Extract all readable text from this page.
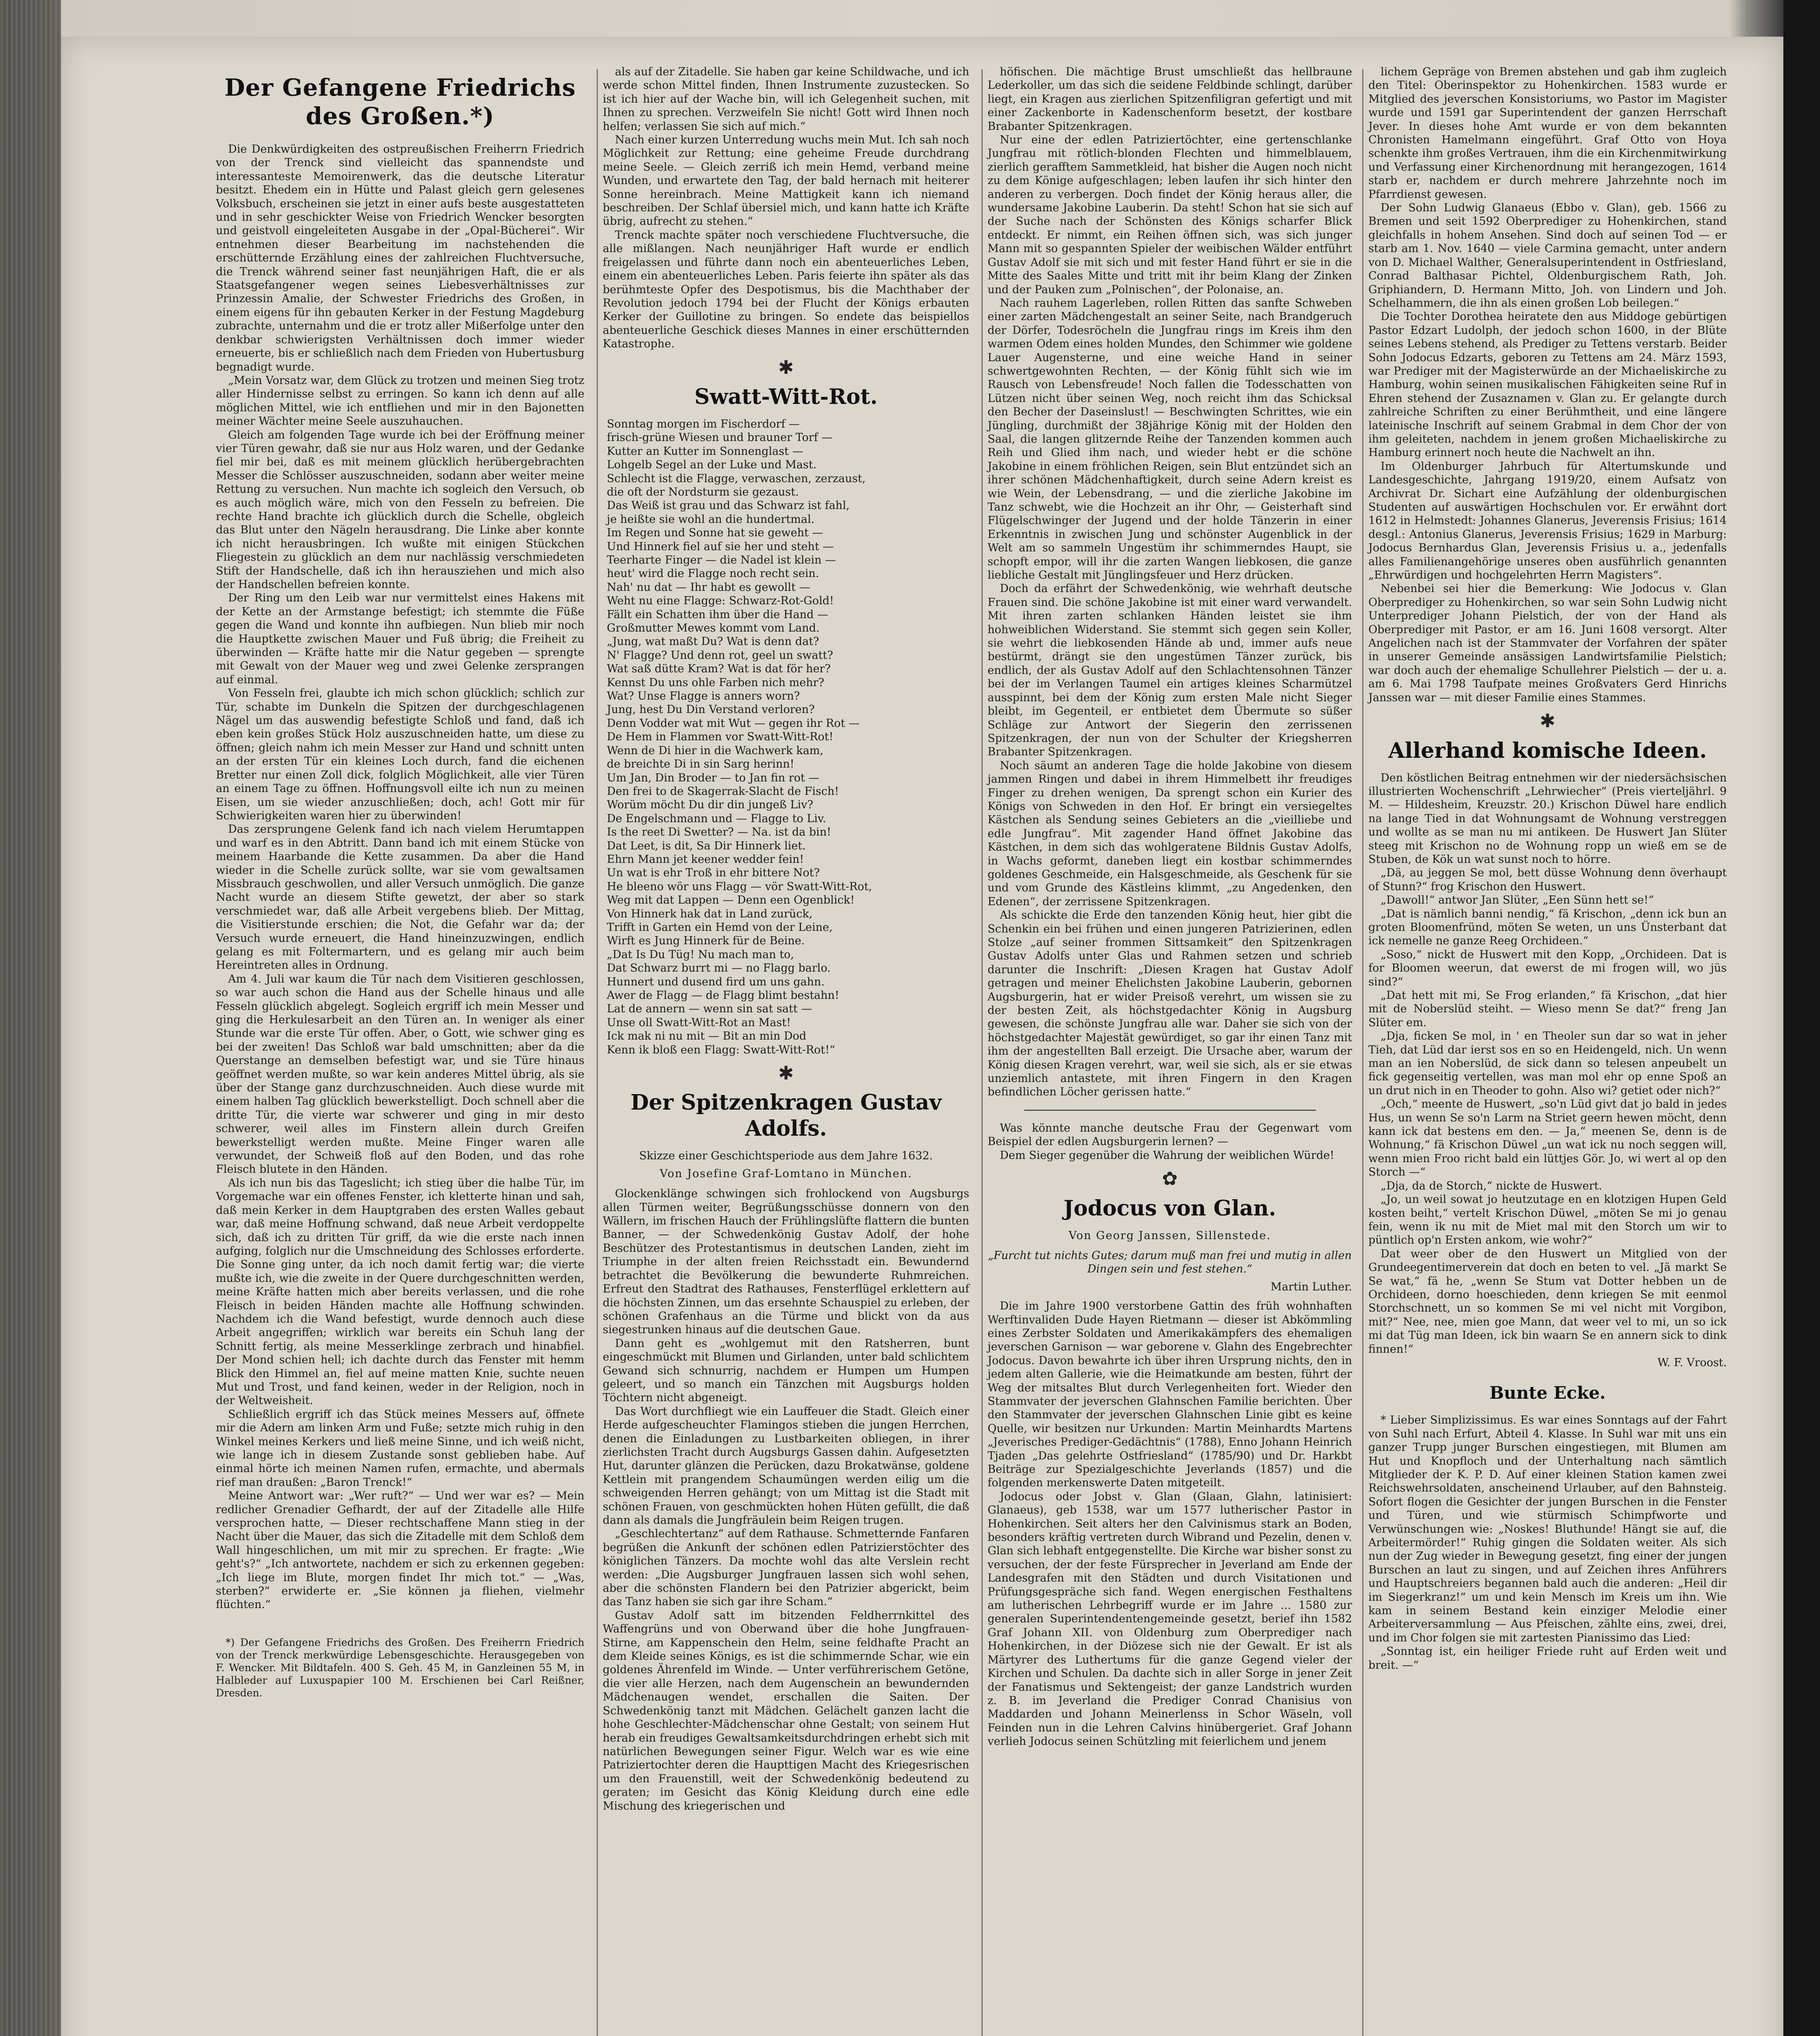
Der Gefangene Friedrichs des Großen.*)

Die Denkwürdigkeiten des ostpreußischen Freiherrn Friedrich von der Trenck sind vielleicht das spannendste und interessanteste Memoirenwerk, das die deutsche Literatur besitzt. Ehedem ein in Hütte und Palast gleich gern gelesenes Volksbuch, erscheinen sie jetzt in einer aufs beste ausgestatteten und in sehr geschickter Weise von Friedrich Wencker besorgten und geistvoll eingeleiteten Ausgabe in der „Opal-Bücherei“. Wir entnehmen dieser Bearbeitung im nachstehenden die erschütternde Erzählung eines der zahlreichen Fluchtversuche, die Trenck während seiner fast neunjährigen Haft, die er als Staatsgefangener wegen seines Liebesverhältnisses zur Prinzessin Amalie, der Schwester Friedrichs des Großen, in einem eigens für ihn gebauten Kerker in der Festung Magdeburg zubrachte, unternahm und die er trotz aller Mißerfolge unter den denkbar schwierigsten Verhältnissen doch immer wieder erneuerte, bis er schließlich nach dem Frieden von Hubertusburg begnadigt wurde.

„Mein Vorsatz war, dem Glück zu trotzen und meinen Sieg trotz aller Hindernisse selbst zu erringen. So kann ich denn auf alle möglichen Mittel, wie ich entfliehen und mir in den Bajonetten meiner Wächter meine Seele auszuhauchen.

Gleich am folgenden Tage wurde ich bei der Eröffnung meiner vier Türen gewahr, daß sie nur aus Holz waren, und der Gedanke fiel mir bei, daß es mit meinem glücklich herübergebrachten Messer die Schlösser auszuschneiden, sodann aber weiter meine Rettung zu versuchen. Nun machte ich sogleich den Versuch, ob es auch möglich wäre, mich von den Fesseln zu befreien. Die rechte Hand brachte ich glücklich durch die Schelle, obgleich das Blut unter den Nägeln herausdrang. Die Linke aber konnte ich nicht herausbringen. Ich wußte mit einigen Stückchen Fliegestein zu glücklich an dem nur nachlässig verschmiedeten Stift der Handschelle, daß ich ihn herausziehen und mich also der Handschellen befreien konnte.

Der Ring um den Leib war nur vermittelst eines Hakens mit der Kette an der Armstange befestigt; ich stemmte die Füße gegen die Wand und konnte ihn aufbiegen. Nun blieb mir noch die Hauptkette zwischen Mauer und Fuß übrig; die Freiheit zu überwinden — Kräfte hatte mir die Natur gegeben — sprengte mit Gewalt von der Mauer weg und zwei Gelenke zersprangen auf einmal.

Von Fesseln frei, glaubte ich mich schon glücklich; schlich zur Tür, schabte im Dunkeln die Spitzen der durchgeschlagenen Nägel um das auswendig befestigte Schloß und fand, daß ich eben kein großes Stück Holz auszuschneiden hatte, um diese zu öffnen; gleich nahm ich mein Messer zur Hand und schnitt unten an der ersten Tür ein kleines Loch durch, fand die eichenen Bretter nur einen Zoll dick, folglich Möglichkeit, alle vier Türen an einem Tage zu öffnen. Hoffnungsvoll eilte ich nun zu meinen Eisen, um sie wieder anzuschließen; doch, ach! Gott mir für Schwierigkeiten waren hier zu überwinden!

Das zersprungene Gelenk fand ich nach vielem Herumtappen und warf es in den Abtritt. Dann band ich mit einem Stücke von meinem Haarbande die Kette zusammen. Da aber die Hand wieder in die Schelle zurück sollte, war sie vom gewaltsamen Missbrauch geschwollen, und aller Versuch unmöglich. Die ganze Nacht wurde an diesem Stifte gewetzt, der aber so stark verschmiedet war, daß alle Arbeit vergebens blieb. Der Mittag, die Visitierstunde erschien; die Not, die Gefahr war da; der Versuch wurde erneuert, die Hand hineinzuzwingen, endlich gelang es mit Foltermartern, und es gelang mir auch beim Hereintreten alles in Ordnung.

Am 4. Juli war kaum die Tür nach dem Visitieren geschlossen, so war auch schon die Hand aus der Schelle hinaus und alle Fesseln glücklich abgelegt. Sogleich ergriff ich mein Messer und ging die Herkulesarbeit an den Türen an. In weniger als einer Stunde war die erste Tür offen. Aber, o Gott, wie schwer ging es bei der zweiten! Das Schloß war bald umschnitten; aber da die Querstange an demselben befestigt war, und sie Türe hinaus geöffnet werden mußte, so war kein anderes Mittel übrig, als sie über der Stange ganz durchzuschneiden. Auch diese wurde mit einem halben Tag glücklich bewerkstelligt. Doch schnell aber die dritte Tür, die vierte war schwerer und ging in mir desto schwerer, weil alles im Finstern allein durch Greifen bewerkstelligt werden mußte. Meine Finger waren alle verwundet, der Schweiß floß auf den Boden, und das rohe Fleisch blutete in den Händen.

Als ich nun bis das Tageslicht; ich stieg über die halbe Tür, im Vorgemache war ein offenes Fenster, ich kletterte hinan und sah, daß mein Kerker in dem Hauptgraben des ersten Walles gebaut war, daß meine Hoffnung schwand, daß neue Arbeit verdoppelte sich, daß ich zu dritten Tür griff, da wie die erste nach innen aufging, folglich nur die Umschneidung des Schlosses erforderte. Die Sonne ging unter, da ich noch damit fertig war; die vierte mußte ich, wie die zweite in der Quere durchgeschnitten werden, meine Kräfte hatten mich aber bereits verlassen, und die rohe Fleisch in beiden Händen machte alle Hoffnung schwinden. Nachdem ich die Wand befestigt, wurde dennoch auch diese Arbeit angegriffen; wirklich war bereits ein Schuh lang der Schnitt fertig, als meine Messerklinge zerbrach und hinabfiel. Der Mond schien hell; ich dachte durch das Fenster mit hemm Blick den Himmel an, fiel auf meine matten Knie, suchte neuen Mut und Trost, und fand keinen, weder in der Religion, noch in der Weltweisheit.

Schließlich ergriff ich das Stück meines Messers auf, öffnete mir die Adern am linken Arm und Fuße; setzte mich ruhig in den Winkel meines Kerkers und ließ meine Sinne, und ich weiß nicht, wie lange ich in diesem Zustande sonst geblieben habe. Auf einmal hörte ich meinen Namen rufen, ermachte, und abermals rief man draußen: „Baron Trenck!“

Meine Antwort war: „Wer ruft?“ — Und wer war es? — Mein redlicher Grenadier Gefhardt, der auf der Zitadelle alle Hilfe versprochen hatte, — Dieser rechtschaffene Mann stieg in der Nacht über die Mauer, das sich die Zitadelle mit dem Schloß dem Wall hingeschlichen, um mit mir zu sprechen. Er fragte: „Wie geht's?“ „Ich antwortete, nachdem er sich zu erkennen gegeben: „Ich liege im Blute, morgen findet Ihr mich tot.“ — „Was, sterben?“ erwiderte er. „Sie können ja fliehen, vielmehr flüchten.“

*) Der Gefangene Friedrichs des Großen. Des Freiherrn Friedrich von der Trenck merkwürdige Lebensgeschichte. Herausgegeben von F. Wencker. Mit Bildtafeln. 400 S. Geh. 45 M, in Ganzleinen 55 M, in Halbleder auf Luxuspapier 100 M. Erschienen bei Carl Reißner, Dresden.

als auf der Zitadelle. Sie haben gar keine Schildwache, und ich werde schon Mittel finden, Ihnen Instrumente zuzustecken. So ist ich hier auf der Wache bin, will ich Gelegenheit suchen, mit Ihnen zu sprechen. Verzweifeln Sie nicht! Gott wird Ihnen noch helfen; verlassen Sie sich auf mich.“

Nach einer kurzen Unterredung wuchs mein Mut. Ich sah noch Möglichkeit zur Rettung; eine geheime Freude durchdrang meine Seele. — Gleich zerriß ich mein Hemd, verband meine Wunden, und erwartete den Tag, der bald hernach mit heiterer Sonne hereinbrach. Meine Mattigkeit kann ich niemand beschreiben. Der Schlaf übersiel mich, und kann hatte ich Kräfte übrig, aufrecht zu stehen.“

Trenck machte später noch verschiedene Fluchtversuche, die alle mißlangen. Nach neunjähriger Haft wurde er endlich freigelassen und führte dann noch ein abenteuerliches Leben, einem ein abenteuerliches Leben. Paris feierte ihn später als das berühmteste Opfer des Despotismus, bis die Machthaber der Revolution jedoch 1794 bei der Flucht der Königs erbauten Kerker der Guillotine zu bringen. So endete das beispiellos abenteuerliche Geschick dieses Mannes in einer erschütternden Katastrophe.

✱
Swatt-Witt-Rot.
Sonntag morgen im Fischerdorf —
frisch-grüne Wiesen und brauner Torf —
Kutter an Kutter im Sonnenglast —
Lohgelb Segel an der Luke und Mast.
Schlecht ist die Flagge, verwaschen, zerzaust,
die oft der Nordsturm sie gezaust.
Das Weiß ist grau und das Schwarz ist fahl,
je heißte sie wohl an die hundertmal.
Im Regen und Sonne hat sie geweht —
Und Hinnerk fiel auf sie her und steht —
Teerharte Finger — die Nadel ist klein —
heut' wird die Flagge noch recht sein.
Nah' nu dat — Ihr habt es gewollt —
Weht nu eine Flagge: Schwarz-Rot-Gold!
Fällt ein Schatten ihm über die Hand —
Großmutter Mewes kommt vom Land.
„Jung, wat maßt Du? Wat is denn dat?
N' Flagge? Und denn rot, geel un swatt?
Wat saß dütte Kram? Wat is dat för her?
Kennst Du uns ohle Farben nich mehr?
Wat? Unse Flagge is anners worn?
Jung, hest Du Din Verstand verloren?
Denn Vodder wat mit Wut — gegen ihr Rot —
De Hem in Flammen vor Swatt-Witt-Rot!
Wenn de Di hier in die Wachwerk kam,
de breichte Di in sin Sarg herinn!
Um Jan, Din Broder — to Jan fin rot —
Den frei to de Skagerrak-Slacht de Fisch!
Worüm möcht Du dir din jungeß Liv?
De Engelschmann und — Flagge to Liv.
Is the reet Di Swetter? — Na. ist da bin!
Dat Leet, is dit, Sa Dir Hinnerk liet.
Ehrn Mann jet keener wedder fein!
Un wat is ehr Troß in ehr bittere Not?
He bleeno wör uns Flagg — vör Swatt-Witt-Rot,
Weg mit dat Lappen — Denn een Ogenblick!
Von Hinnerk hak dat in Land zurück,
Trifft in Garten ein Hemd von der Leine,
Wirft es Jung Hinnerk für de Beine.
„Dat Is Du Tüg! Nu mach man to,
Dat Schwarz burrt mi — no Flagg barlo.
Hunnert und dusend fird um uns gahn.
Awer de Flagg — de Flagg blimt bestahn!
Lat de annern — wenn sin sat satt —
Unse oll Swatt-Witt-Rot an Mast!
Ick mak ni nu mit — Bit an min Dod
Kenn ik bloß een Flagg: Swatt-Witt-Rot!“
✱
Der Spitzenkragen Gustav Adolfs.
Skizze einer Geschichtsperiode aus dem Jahre 1632.
Von Josefine Graf-Lomtano in München.

Glockenklänge schwingen sich frohlockend von Augsburgs allen Türmen weiter, Begrüßungsschüsse donnern von den Wällern, im frischen Hauch der Frühlingslüfte flattern die bunten Banner, — der Schwedenkönig Gustav Adolf, der hohe Beschützer des Protestantismus in deutschen Landen, zieht im Triumphe in der alten freien Reichsstadt ein. Bewundernd betrachtet die Bevölkerung die bewunderte Ruhmreichen. Erfreut den Stadtrat des Rathauses, Fensterflügel erklettern auf die höchsten Zinnen, um das ersehnte Schauspiel zu erleben, der schönen Grafenhaus an die Türme und blickt von da aus siegestrunken hinaus auf die deutschen Gaue.

Dann geht es „wohlgemut mit den Ratsherren, bunt eingeschmückt mit Blumen und Girlanden, unter bald schlichtem Gewand sich schnurrig, nachdem er Humpen um Humpen geleert, und so manch ein Tänzchen mit Augsburgs holden Töchtern nicht abgeneigt.

Das Wort durchfliegt wie ein Lauffeuer die Stadt. Gleich einer Herde aufgescheuchter Flamingos stieben die jungen Herrchen, denen die Einladungen zu Lustbarkeiten obliegen, in ihrer zierlichsten Tracht durch Augsburgs Gassen dahin. Aufgesetzten Hut, darunter glänzen die Perücken, dazu Brokatwänse, goldene Kettlein mit prangendem Schaumüngen werden eilig um die schweigenden Herren gehängt; von um Mittag ist die Stadt mit schönen Frauen, von geschmückten hohen Hüten gefüllt, die daß dann als damals die Jungfräulein beim Reigen trugen.

„Geschlechtertanz“ auf dem Rathause. Schmetternde Fanfaren begrüßen die Ankunft der schönen edlen Patrizierstöchter des königlichen Tänzers. Da mochte wohl das alte Verslein recht werden: „Die Augsburger Jungfrauen lassen sich wohl sehen, aber die schönsten Flandern bei den Patrizier abgerickt, beim das Tanz haben sie sich gar ihre Scham.“

Gustav Adolf satt im bitzenden Feldherrnkittel des Waffengrüns und von Oberwand über die hohe Jungfrauen-Stirne, am Kappenschein den Helm, seine feldhafte Pracht an dem Kleide seines Königs, es ist die schimmernde Schar, wie ein goldenes Ährenfeld im Winde. — Unter verführerischem Getöne, die vier alle Herzen, nach dem Augenschein an bewundernden Mädchenaugen wendet, erschallen die Saiten. Der Schwedenkönig tanzt mit Mädchen. Gelächelt ganzen lacht die hohe Geschlechter-Mädchenschar ohne Gestalt; von seinem Hut herab ein freudiges Gewaltsamkeitsdurchdringen erhebt sich mit natürlichen Bewegungen seiner Figur. Welch war es wie eine Patriziertochter deren die Haupttigen Macht des Kriegesrischen um den Frauenstill, weit der Schwedenkönig bedeutend zu geraten; im Gesicht das König Kleidung durch eine edle Mischung des kriegerischen und

höfischen. Die mächtige Brust umschließt das hellbraune Lederkoller, um das sich die seidene Feldbinde schlingt, darüber liegt, ein Kragen aus zierlichen Spitzenfiligran gefertigt und mit einer Zackenborte in Kadenschenform besetzt, der kostbare Brabanter Spitzenkragen.

Nur eine der edlen Patriziertöchter, eine gertenschlanke Jungfrau mit rötlich-blonden Flechten und himmelblauem, zierlich gerafftem Sammetkleid, hat bisher die Augen noch nicht zu dem Könige aufgeschlagen; leben laufen ihr sich hinter den anderen zu verbergen. Doch findet der König heraus aller, die wundersame Jakobine Lauberin. Da steht! Schon hat sie sich auf der Suche nach der Schönsten des Königs scharfer Blick entdeckt. Er nimmt, ein Reihen öffnen sich, was sich junger Mann mit so gespannten Spieler der weibischen Wälder entführt Gustav Adolf sie mit sich und mit fester Hand führt er sie in die Mitte des Saales Mitte und tritt mit ihr beim Klang der Zinken und der Pauken zum „Polnischen“, der Polonaise, an.

Nach rauhem Lagerleben, rollen Ritten das sanfte Schweben einer zarten Mädchengestalt an seiner Seite, nach Brandgeruch der Dörfer, Todesröcheln die Jungfrau rings im Kreis ihm den warmen Odem eines holden Mundes, den Schimmer wie goldene Lauer Augensterne, und eine weiche Hand in seiner schwertgewohnten Rechten, — der König fühlt sich wie im Rausch von Lebensfreude! Noch fallen die Todesschatten von Lützen nicht über seinen Weg, noch reicht ihm das Schicksal den Becher der Daseinslust! — Beschwingten Schrittes, wie ein Jüngling, durchmißt der 38jährige König mit der Holden den Saal, die langen glitzernde Reihe der Tanzenden kommen auch Reih und Glied ihm nach, und wieder hebt er die schöne Jakobine in einem fröhlichen Reigen, sein Blut entzündet sich an ihrer schönen Mädchenhaftigkeit, durch seine Adern kreist es wie Wein, der Lebensdrang, — und die zierliche Jakobine im Tanz schwebt, wie die Hochzeit an ihr Ohr, — Geisterhaft sind Flügelschwinger der Jugend und der holde Tänzerin in einer Erkenntnis in zwischen Jung und schönster Augenblick in der Welt am so sammeln Ungestüm ihr schimmerndes Haupt, sie schopft empor, will ihr die zarten Wangen liebkosen, die ganze liebliche Gestalt mit Jünglingsfeuer und Herz drücken.

Doch da erfährt der Schwedenkönig, wie wehrhaft deutsche Frauen sind. Die schöne Jakobine ist mit einer ward verwandelt. Mit ihren zarten schlanken Händen leistet sie ihm hohweiblichen Widerstand. Sie stemmt sich gegen sein Koller, sie wehrt die liebkosenden Hände ab und, immer aufs neue bestürmt, drängt sie den ungestümen Tänzer zurück, bis endlich, der als Gustav Adolf auf den Schlachtensohnen Tänzer bei der im Verlangen Taumel ein artiges kleines Scharmützel ausspinnt, bei dem der König zum ersten Male nicht Sieger bleibt, im Gegenteil, er entbietet dem Übermute so süßer Schläge zur Antwort der Siegerin den zerrissenen Spitzenkragen, der nun von der Schulter der Kriegsherren Brabanter Spitzenkragen.

Noch säumt an anderen Tage die holde Jakobine von diesem jammen Ringen und dabei in ihrem Himmelbett ihr freudiges Finger zu drehen wenigen, Da sprengt schon ein Kurier des Königs von Schweden in den Hof. Er bringt ein versiegeltes Kästchen als Sendung seines Gebieters an die „vieilliebe und edle Jungfrau“. Mit zagender Hand öffnet Jakobine das Kästchen, in dem sich das wohlgeratene Bildnis Gustav Adolfs, in Wachs geformt, daneben liegt ein kostbar schimmerndes goldenes Geschmeide, ein Halsgeschmeide, als Geschenk für sie und vom Grunde des Kästleins klimmt, „zu Angedenken, den Edenen“, der zerrissene Spitzenkragen.

Als schickte die Erde den tanzenden König heut, hier gibt die Schenkin ein bei frühen und einen jungeren Patrizierinen, edlen Stolze „auf seiner frommen Sittsamkeit“ den Spitzenkragen Gustav Adolfs unter Glas und Rahmen setzen und schrieb darunter die Inschrift: „Diesen Kragen hat Gustav Adolf getragen und meiner Ehelichsten Jakobine Lauberin, gebornen Augsburgerin, hat er wider Preisoß verehrt, um wissen sie zu der besten Zeit, als höchstgedachter König in Augsburg gewesen, die schönste Jungfrau alle war. Daher sie sich von der höchstgedachter Majestät gewürdiget, so gar ihr einen Tanz mit ihm der angestellten Ball erzeigt. Die Ursache aber, warum der König diesen Kragen verehrt, war, weil sie sich, als er sie etwas unziemlich antastete, mit ihren Fingern in den Kragen befindlichen Löcher gerissen hatte.“

Was könnte manche deutsche Frau der Gegenwart vom Beispiel der edlen Augsburgerin lernen? —

Dem Sieger gegenüber die Wahrung der weiblichen Würde!

✿
Jodocus von Glan.
Von Georg Janssen, Sillenstede.
„Furcht tut nichts Gutes; darum muß man frei und mutig in allen Dingen sein und fest stehen.“
Martin Luther.

Die im Jahre 1900 verstorbene Gattin des früh wohnhaften Werftinvaliden Dude Hayen Rietmann — dieser ist Abkömmling eines Zerbster Soldaten und Amerikakämpfers des ehemaligen jeverschen Garnison — war geborene v. Glahn des Engebrechter Jodocus. Davon bewahrte ich über ihren Ursprung nichts, den in jedem alten Gallerie, wie die Heimatkunde am besten, führt der Weg der mitsaltes Blut durch Verlegenheiten fort. Wieder den Stammvater der jeverschen Glahnschen Familie berichten. Über den Stammvater der jeverschen Glahnschen Linie gibt es keine Quelle, wir besitzen nur Urkunden: Martin Meinhardts Martens „Jeverisches Prediger-Gedächtnis“ (1788), Enno Johann Heinrich Tjaden „Das gelehrte Ostfriesland“ (1785/90) und Dr. Harkbt Beiträge zur Spezialgeschichte Jeverlands (1857) und die folgenden merkenswerte Daten mitgeteilt.

Jodocus oder Jobst v. Glan (Glaan, Glahn, latinisiert: Glanaeus), geb 1538, war um 1577 lutherischer Pastor in Hohenkirchen. Seit alters her den Calvinismus stark an Boden, besonders kräftig vertreten durch Wibrand und Pezelin, denen v. Glan sich lebhaft entgegenstellte. Die Kirche war bisher sonst zu versuchen, der der feste Fürsprecher in Jeverland am Ende der Landesgrafen mit den Städten und durch Visitationen und Prüfungsgespräche sich fand. Wegen energischen Festhaltens am lutherischen Lehrbegriff wurde er im Jahre ... 1580 zur generalen Superintendentengemeinde gesetzt, berief ihn 1582 Graf Johann XII. von Oldenburg zum Oberprediger nach Hohenkirchen, in der Diözese sich nie der Gewalt. Er ist als Märtyrer des Luthertums für die ganze Gegend vieler der Kirchen und Schulen. Da dachte sich in aller Sorge in jener Zeit der Fanatismus und Sektengeist; der ganze Landstrich wurden z. B. im Jeverland die Prediger Conrad Chanisius von Maddarden und Johann Meinerlenss in Schor Wäseln, voll Feinden nun in die Lehren Calvins hinübergeriet. Graf Johann verlieh Jodocus seinen Schützling mit feierlichem und jenem

lichem Gepräge von Bremen abstehen und gab ihm zugleich den Titel: Oberinspektor zu Hohenkirchen. 1583 wurde er Mitglied des jeverschen Konsistoriums, wo Pastor im Magister wurde und 1591 gar Superintendent der ganzen Herrschaft Jever. In dieses hohe Amt wurde er von dem bekannten Chronisten Hamelmann eingeführt. Graf Otto von Hoya schenkte ihm großes Vertrauen, ihm die ein Kirchenmitwirkung und Verfassung einer Kirchenordnung mit herangezogen, 1614 starb er, nachdem er durch mehrere Jahrzehnte noch im Pfarrdienst gewesen.

Der Sohn Ludwig Glanaeus (Ebbo v. Glan), geb. 1566 zu Bremen und seit 1592 Oberprediger zu Hohenkirchen, stand gleichfalls in hohem Ansehen. Sind doch auf seinen Tod — er starb am 1. Nov. 1640 — viele Carmina gemacht, unter andern von D. Michael Walther, Generalsuperintendent in Ostfriesland, Conrad Balthasar Pichtel, Oldenburgischem Rath, Joh. Griphiandern, D. Hermann Mitto, Joh. von Lindern und Joh. Schelhammern, die ihn als einen großen Lob beilegen.“

Die Tochter Dorothea heiratete den aus Middoge gebürtigen Pastor Edzart Ludolph, der jedoch schon 1600, in der Blüte seines Lebens stehend, als Prediger zu Tettens verstarb. Beider Sohn Jodocus Edzarts, geboren zu Tettens am 24. März 1593, war Prediger mit der Magisterwürde an der Michaeliskirche zu Hamburg, wohin seinen musikalischen Fähigkeiten seine Ruf in Ehren stehend der Zusaznamen v. Glan zu. Er gelangte durch zahlreiche Schriften zu einer Berühmtheit, und eine längere lateinische Inschrift auf seinem Grabmal in dem Chor der von ihm geleiteten, nachdem in jenem großen Michaeliskirche zu Hamburg erinnert noch heute die Nachwelt an ihn.

Im Oldenburger Jahrbuch für Altertumskunde und Landesgeschichte, Jahrgang 1919/20, einem Aufsatz von Archivrat Dr. Sichart eine Aufzählung der oldenburgischen Studenten auf auswärtigen Hochschulen vor. Er erwähnt dort 1612 in Helmstedt: Johannes Glanerus, Jeverensis Frisius; 1614 desgl.: Antonius Glanerus, Jeverensis Frisius; 1629 in Marburg: Jodocus Bernhardus Glan, Jeverensis Frisius u. a., jedenfalls alles Familienangehörige unseres oben ausführlich genannten „Ehrwürdigen und hochgelehrten Herrn Magisters“.

Nebenbei sei hier die Bemerkung: Wie Jodocus v. Glan Oberprediger zu Hohenkirchen, so war sein Sohn Ludwig nicht Unterprediger Johann Pielstich, der von der Hand als Oberprediger mit Pastor, er am 16. Juni 1608 versorgt. Alter Angelichen nach ist der Stammvater der Vorfahren der später in unserer Gemeinde ansässigen Landwirtsfamilie Pielstich; war doch auch der ehemalige Schullehrer Pielstich — der u. a. am 6. Mai 1798 Taufpate meines Großvaters Gerd Hinrichs Janssen war — mit dieser Familie eines Stammes.

✱
Allerhand komische Ideen.

Den köstlichen Beitrag entnehmen wir der niedersächsischen illustrierten Wochenschrift „Lehrwiecher“ (Preis vierteljährl. 9 M. — Hildesheim, Kreuzstr. 20.) Krischon Düwel hare endlich na lange Tied in dat Wohnungsamt de Wohnung verstreggen und wollte as se man nu mi antikeen. De Huswert Jan Slüter steeg mit Krischon no de Wohnung ropp un wieß em se de Stuben, de Kök un wat sunst noch to hörre.

„Dä, au jeggen Se mol, bett düsse Wohnung denn överhaupt of Stunn?“ frog Krischon den Huswert.

„Dawoll!“ antwor Jan Slüter, „Een Sünn hett se!“

„Dat is nämlich banni nendig,“ fä Krischon, „denn ick bun an groten Bloomenfründ, möten Se weten, un uns Ünsterbant dat ick nemelle ne ganze Reeg Orchideen.“

„Soso,“ nickt de Huswert mit den Kopp, „Orchideen. Dat is for Bloomen weerun, dat ewerst de mi frogen will, wo jüs sind?“

„Dat hett mit mi, Se Frog erlanden,“ fä Krischon, „dat hier mit de Noberslüd steiht. — Wieso menn Se dat?“ freng Jan Slüter em.

„Dja, ficken Se mol, in ' en Theoler sun dar so wat in jeher Tieh, dat Lüd dar ierst sos en so en Heidengeld, nich. Un wenn man an ien Noberslüd, de sick dann so telesen anpeubelt un fick gegenseitig vertellen, was man mol ehr op enne Spoß an un drut nich in en Theoder to gohn. Also wi? getiet oder nich?“

„Och,“ meente de Huswert, „so'n Lüd givt dat jo bald in jedes Hus, un wenn Se so'n Larm na Striet geern hewen möcht, denn kann ick dat bestens em den. — Ja,“ meenen Se, denn is de Wohnung,“ fä Krischon Düwel „un wat ick nu noch seggen will, wenn mien Froo richt bald ein lüttjes Gör. Jo, wi wert al op den Storch —“

„Dja, da de Storch,“ nickte de Huswert.

„Jo, un weil sowat jo heutzutage en en klotzigen Hupen Geld kosten beiht,“ vertelt Krischon Düwel, „möten Se mi jo genau fein, wenn ik nu mit de Miet mal mit den Storch um wir to püntlich op'n Ersten ankom, wie wohr?“

Dat weer ober de den Huswert un Mitglied von der Grundeegentimerverein dat doch en beten to vel. „Jä markt Se Se wat,“ fä he, „wenn Se Stum vat Dotter hebben un de Orchideen, dorno hoeschieden, denn kriegen Se mit eenmol Storchschnett, un so kommen Se mi vel nicht mit Vorgibon, mit?“ Nee, nee, mien goe Mann, dat weer vel to mi, un so ick mi dat Tüg man Ideen, ick bin waarn Se en annern sick to dink finnen!“

W. F. Vroost.
Bunte Ecke.

* Lieber Simplizissimus. Es war eines Sonntags auf der Fahrt von Suhl nach Erfurt, Abteil 4. Klasse. In Suhl war mit uns ein ganzer Trupp junger Burschen eingestiegen, mit Blumen am Hut und Knopfloch und der Unterhaltung nach sämtlich Mitglieder der K. P. D. Auf einer kleinen Station kamen zwei Reichswehrsoldaten, anscheinend Urlauber, auf den Bahnsteig. Sofort flogen die Gesichter der jungen Burschen in die Fenster und Türen, und wie stürmisch Schimpfworte und Verwünschungen wie: „Noskes! Bluthunde! Hängt sie auf, die Arbeitermörder!“ Ruhig gingen die Soldaten weiter. Als sich nun der Zug wieder in Bewegung gesetzt, fing einer der jungen Burschen an laut zu singen, und auf Zeichen ihres Anführers und Hauptschreiers begannen bald auch die anderen: „Heil dir im Siegerkranz!“ um und kein Mensch im Kreis um ihn. Wie kam in seinem Bestand kein einziger Melodie einer Arbeiterversammlung — Aus Pfeischen, zählte eins, zwei, drei, und im Chor folgen sie mit zartesten Pianissimo das Lied:

„Sonntag ist, ein heiliger Friede ruht auf Erden weit und breit. —“
